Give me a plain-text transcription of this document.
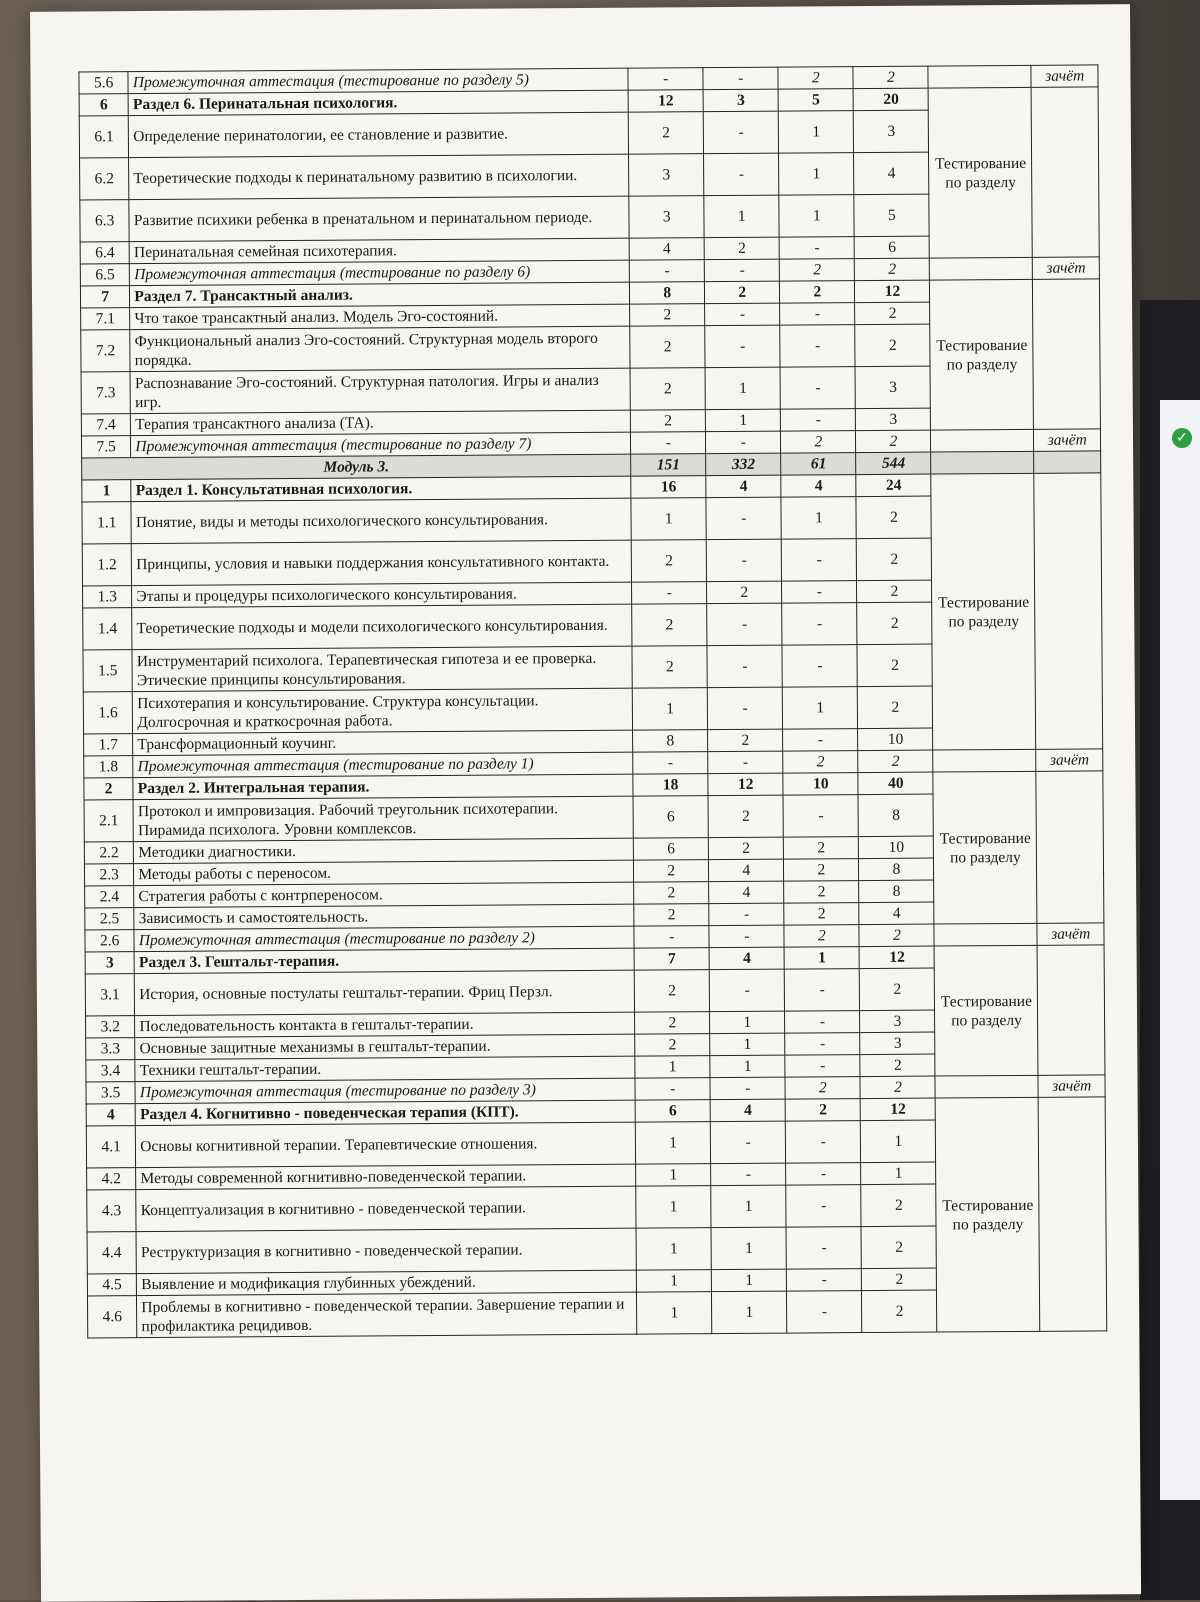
✓
5.6	Промежуточная аттестация (тестирование по разделу 5)	-	-	2	2		зачёт
6	Раздел 6. Перинатальная психология.	12	3	5	20	Тестирование по разделу	
6.1	Определение перинатологии, ее становление и развитие.	2	-	1	3		
6.2	Теоретические подходы к перинатальному развитию в психологии.	3	-	1	4		
6.3	Развитие психики ребенка в пренатальном и перинатальном периоде.	3	1	1	5		
6.4	Перинатальная семейная психотерапия.	4	2	-	6		
6.5	Промежуточная аттестация (тестирование по разделу 6)	-	-	2	2		зачёт
7	Раздел 7. Трансактный анализ.	8	2	2	12	Тестирование по разделу	
7.1	Что такое трансактный анализ. Модель Эго-состояний.	2	-	-	2		
7.2	Функциональный анализ Эго-состояний. Структурная модель второго порядка.	2	-	-	2		
7.3	Распознавание Эго-состояний. Структурная патология. Игры и анализ игр.	2	1	-	3		
7.4	Терапия трансактного анализа (ТА).	2	1	-	3		
7.5	Промежуточная аттестация (тестирование по разделу 7)	-	-	2	2		зачёт
Модуль 3.		151	332	61	544		
1	Раздел 1. Консультативная психология.	16	4	4	24	Тестирование по разделу	
1.1	Понятие, виды и методы психологического консультирования.	1	-	1	2		
1.2	Принципы, условия и навыки поддержания консультативного контакта.	2	-	-	2		
1.3	Этапы и процедуры психологического консультирования.	-	2	-	2		
1.4	Теоретические подходы и модели психологического консультирования.	2	-	-	2		
1.5	Инструментарий психолога. Терапевтическая гипотеза и ее проверка. Этические принципы консультирования.	2	-	-	2		
1.6	Психотерапия и консультирование. Структура консультации. Долгосрочная и краткосрочная работа.	1	-	1	2		
1.7	Трансформационный коучинг.	8	2	-	10		
1.8	Промежуточная аттестация (тестирование по разделу 1)	-	-	2	2		зачёт
2	Раздел 2. Интегральная терапия.	18	12	10	40	Тестирование по разделу	
2.1	Протокол и импровизация. Рабочий треугольник психотерапии. Пирамида психолога. Уровни комплексов.	6	2	-	8		
2.2	Методики диагностики.	6	2	2	10		
2.3	Методы работы с переносом.	2	4	2	8		
2.4	Стратегия работы с контрпереносом.	2	4	2	8		
2.5	Зависимость и самостоятельность.	2	-	2	4		
2.6	Промежуточная аттестация (тестирование по разделу 2)	-	-	2	2		зачёт
3	Раздел 3. Гештальт-терапия.	7	4	1	12	Тестирование по разделу	
3.1	История, основные постулаты гештальт-терапии. Фриц Перзл.	2	-	-	2		
3.2	Последовательность контакта в гештальт-терапии.	2	1	-	3		
3.3	Основные защитные механизмы в гештальт-терапии.	2	1	-	3		
3.4	Техники гештальт-терапии.	1	1	-	2		
3.5	Промежуточная аттестация (тестирование по разделу 3)	-	-	2	2		зачёт
4	Раздел 4. Когнитивно - поведенческая терапия (КПТ).	6	4	2	12	Тестирование по разделу	
4.1	Основы когнитивной терапии. Терапевтические отношения.	1	-	-	1		
4.2	Методы современной когнитивно-поведенческой терапии.	1	-	-	1		
4.3	Концептуализация в когнитивно - поведенческой терапии.	1	1	-	2		
4.4	Реструктуризация в когнитивно - поведенческой терапии.	1	1	-	2		
4.5	Выявление и модификация глубинных убеждений.	1	1	-	2		
4.6	Проблемы в когнитивно - поведенческой терапии. Завершение терапии и профилактика рецидивов.	1	1	-	2		
